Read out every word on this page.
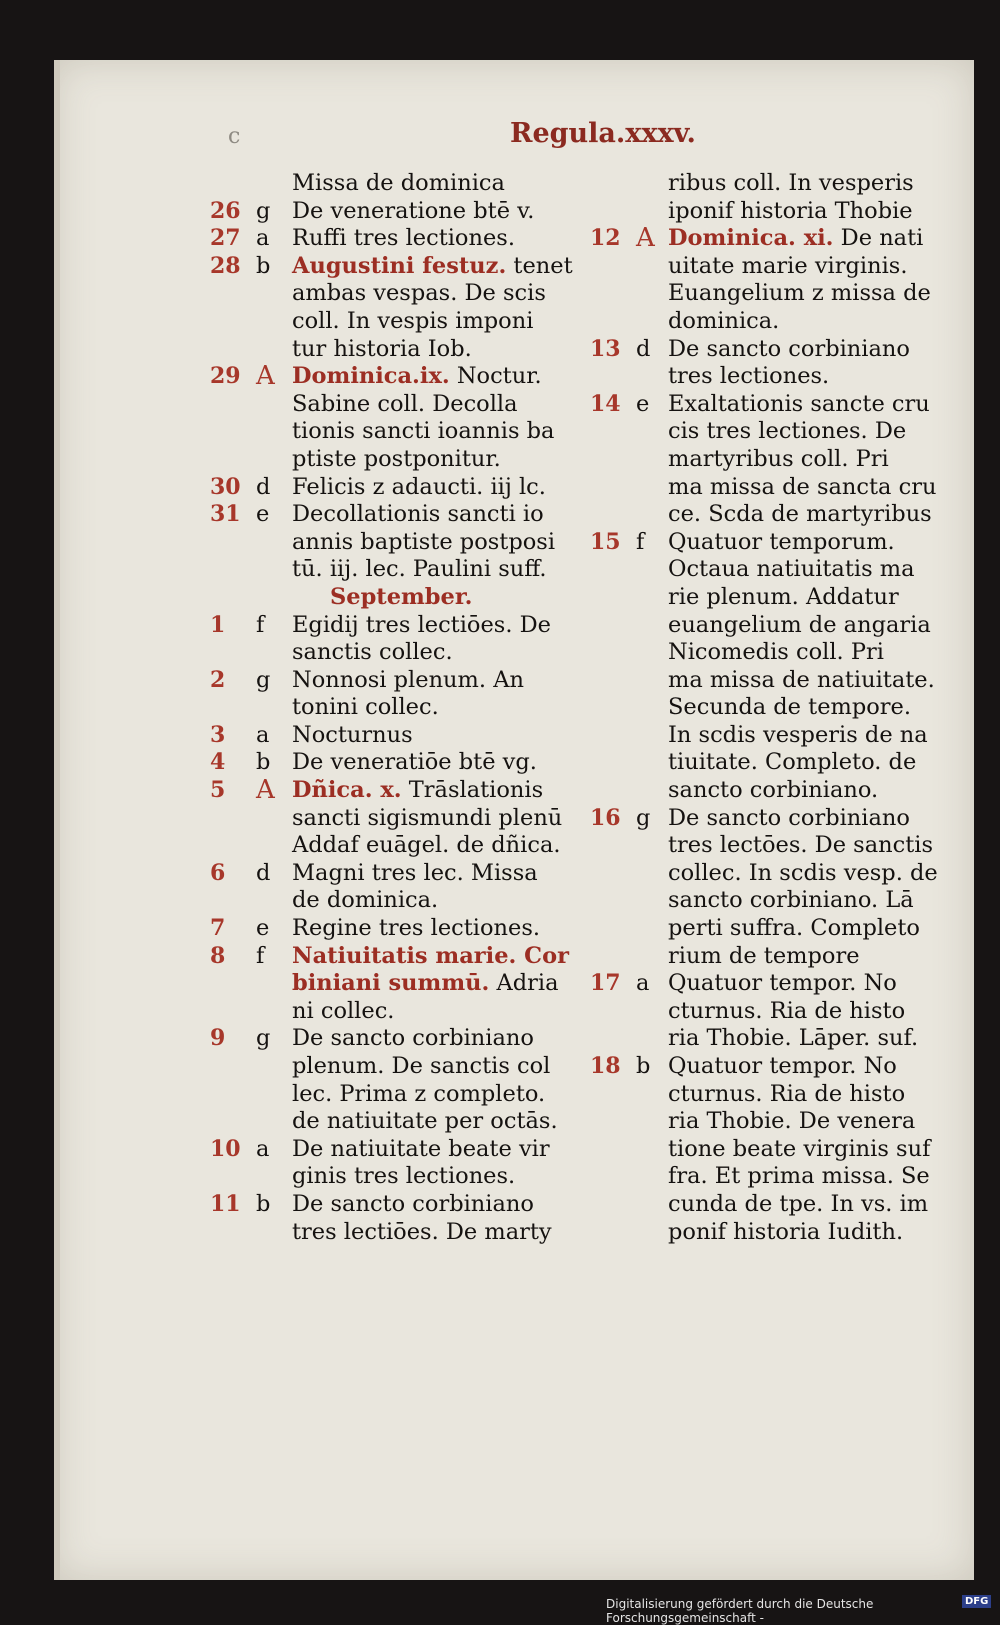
c	Regula.xxxv.
Missa de dominica
26 g De veneratione btē v.
27 a	Ruffi tres lectiones.
28 b Augustini festuz. tenet
ambas vespas. De scis
coll. In vespis imponi
tur historia Iob.
29 A Dominica.ix. Noctur.
Sabine coll. Decolla
tionis sancti ioannis ba
ptiste postponitur.
30 d Felicis z adaucti. iij lc.
31 e	Decollationis sancti io
annis baptiste postposi
tū. iij. lec. Paulini suff.
September.
1	f	Egidij tres lectiōes. De
sanctis collec.
2	g Nonnosi plenum. An
tonini collec.
3	a	Nocturnus
4	b De veneratiōe btē vg.
5	A Dñica. x. Trāslationis
sancti sigismundi plenū
Addaf euāgel. de dñica.
6	d Magni tres lec. Missa
de dominica.
7	e	Regine tres lectiones.
8	f	Natiuitatis marie. Cor
biniani summū. Adria
ni collec.
9	g De sancto corbiniano
plenum. De sanctis col
lec. Prima z completo.
de natiuitate per octās.
10 a	De natiuitate beate vir
ginis tres lectiones.
11 b De sancto corbiniano
tres lectiōes. De marty
ribus coll. In vesperis
iponif historia Thobie
12 A Dominica. xi. De nati
uitate marie virginis.
Euangelium z missa de
dominica.
13 d De sancto corbiniano
tres lectiones.
14 e Exaltationis sancte cru
cis tres lectiones. De
martyribus coll. Pri
ma missa de sancta cru
ce. Scda de martyribus
15 f	Quatuor temporum.
Octaua natiuitatis ma
rie plenum. Addatur
euangelium de angaria
Nicomedis coll. Pri
ma missa de natiuitate.
Secunda de tempore.
In scdis vesperis de na
tiuitate. Completo. de
sancto corbiniano.
16 g De sancto corbiniano
tres lectōes. De sanctis
collec. In scdis vesp. de
sancto corbiniano. Lā
perti suffra. Completo
rium de tempore
17 a Quatuor tempor. No
cturnus. Ria de histo
ria Thobie. Lāper. suf.
18 b Quatuor tempor. No
cturnus. Ria de histo
ria Thobie. De venera
tione beate virginis suf
fra. Et prima missa. Se
cunda de tpe. In vs. im
ponif historia Iudith.
Digitalisierung gefördert durch die Deutsche Forschungsgemeinschaft -
DFG
